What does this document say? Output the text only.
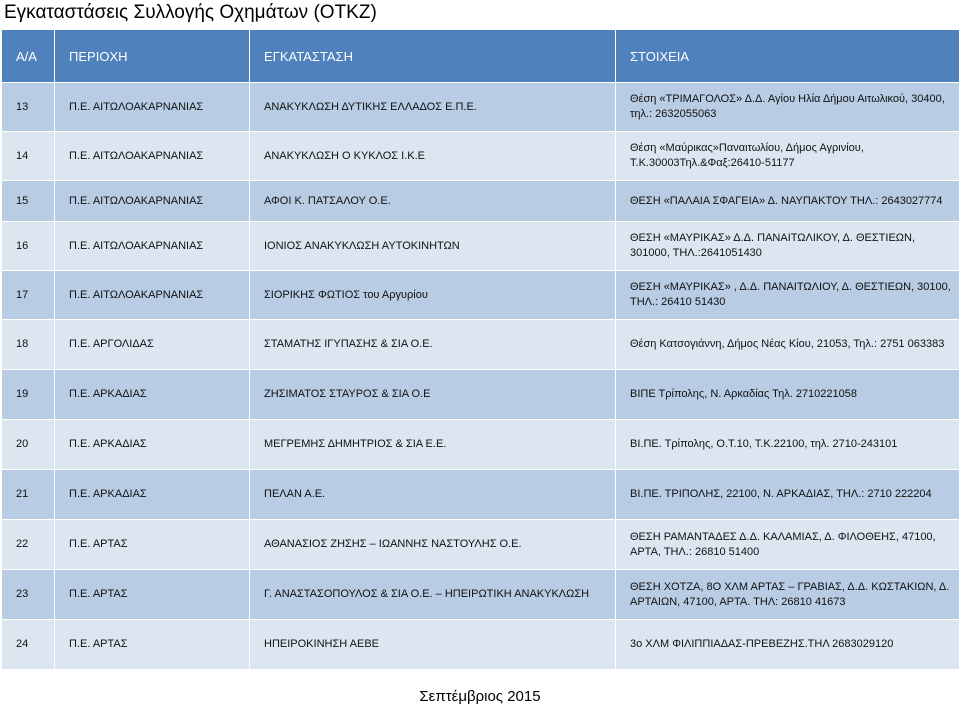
Εγκαταστάσεις Συλλογής Οχημάτων (ΟΤΚΖ)
Α/Α	ΠΕΡΙΟΧΗ	ΕΓΚΑΤΑΣΤΑΣΗ	ΣΤΟΙΧΕΙΑ
13	Π.Ε. ΑΙΤΩΛΟΑΚΑΡΝΑΝΙΑΣ	ΑΝΑΚΥΚΛΩΣΗ ΔΥΤΙΚΗΣ ΕΛΛΑΔΟΣ Ε.Π.Ε.	Θέση «ΤΡΙΜΑΓΟΛΟΣ» Δ.Δ. Αγίου Ηλία Δήμου Αιτωλικού, 30400, τηλ.: 2632055063
14	Π.Ε. ΑΙΤΩΛΟΑΚΑΡΝΑΝΙΑΣ	ΑΝΑΚΥΚΛΩΣΗ Ο ΚΥΚΛΟΣ Ι.Κ.Ε	Θέση «Μαύρικας»Παναιτωλίου, Δήμος Αγρινίου, Τ.Κ.30003Τηλ.&Φαξ:26410-51177
15	Π.Ε. ΑΙΤΩΛΟΑΚΑΡΝΑΝΙΑΣ	ΑΦΟΙ Κ. ΠΑΤΣΑΛΟΥ Ο.Ε.	ΘΕΣΗ «ΠΑΛΑΙΑ ΣΦΑΓΕΙΑ» Δ. ΝΑΥΠΑΚΤΟΥ ΤΗΛ.: 2643027774
16	Π.Ε. ΑΙΤΩΛΟΑΚΑΡΝΑΝΙΑΣ	ΙΟΝΙΟΣ ΑΝΑΚΥΚΛΩΣΗ ΑΥΤΟΚΙΝΗΤΩΝ	ΘΕΣΗ «ΜΑΥΡΙΚΑΣ» Δ.Δ. ΠΑΝΑΙΤΩΛΙΚΟΥ, Δ. ΘΕΣΤΙΕΩΝ, 301000, ΤΗΛ.:2641051430
17	Π.Ε. ΑΙΤΩΛΟΑΚΑΡΝΑΝΙΑΣ	ΣΙΟΡΙΚΗΣ ΦΩΤΙΟΣ του Αργυρίου	ΘΕΣΗ «ΜΑΥΡΙΚΑΣ» , Δ.Δ. ΠΑΝΑΙΤΩΛΙΟΥ, Δ. ΘΕΣΤΙΕΩΝ, 30100, ΤΗΛ.: 26410 51430
18	Π.Ε. ΑΡΓΟΛΙΔΑΣ	ΣΤΑΜΑΤΗΣ ΙΓΥΠΑΣΗΣ & ΣΙΑ Ο.Ε.	Θέση Κατσογιάννη, Δήμος Νέας Κίου, 21053, Τηλ.: 2751 063383
19	Π.Ε. ΑΡΚΑΔΙΑΣ	ΖΗΣΙΜΑΤΟΣ ΣΤΑΥΡΟΣ & ΣΙΑ Ο.Ε	ΒΙΠΕ Τρίπολης, Ν. Αρκαδίας Τηλ. 2710221058
20	Π.Ε. ΑΡΚΑΔΙΑΣ	ΜΕΓΡΕΜΗΣ ΔΗΜΗΤΡΙΟΣ & ΣΙΑ Ε.Ε.	ΒΙ.ΠΕ. Τρίπολης, Ο.Τ.10, Τ.Κ.22100, τηλ. 2710-243101
21	Π.Ε. ΑΡΚΑΔΙΑΣ	ΠΕΛΑΝ Α.Ε.	ΒΙ.ΠΕ. ΤΡΙΠΟΛΗΣ, 22100, Ν. ΑΡΚΑΔΙΑΣ, ΤΗΛ.: 2710 222204
22	Π.Ε. ΑΡΤΑΣ	ΑΘΑΝΑΣΙΟΣ ΖΗΣΗΣ – ΙΩΑΝΝΗΣ ΝΑΣΤΟΥΛΗΣ Ο.Ε.	ΘΕΣΗ ΡΑΜΑΝΤΑΔΕΣ Δ.Δ. ΚΑΛΑΜΙΑΣ, Δ. ΦΙΛΟΘΕΗΣ, 47100, ΑΡΤΑ, ΤΗΛ.: 26810 51400
23	Π.Ε. ΑΡΤΑΣ	Γ. ΑΝΑΣΤΑΣΟΠΟΥΛΟΣ & ΣΙΑ Ο.Ε. – ΗΠΕΙΡΩΤΙΚΗ ΑΝΑΚΥΚΛΩΣΗ	ΘΕΣΗ ΧΟΤΖΑ, 8Ο ΧΛΜ ΑΡΤΑΣ – ΓΡΑΒΙΑΣ, Δ.Δ. ΚΩΣΤΑΚΙΩΝ, Δ. ΑΡΤΑΙΩΝ, 47100, ΑΡΤΑ. ΤΗΛ: 26810 41673
24	Π.Ε. ΑΡΤΑΣ	ΗΠΕΙΡΟΚΙΝΗΣΗ ΑΕΒΕ	3ο ΧΛΜ ΦΙΛΙΠΠΙΑΔΑΣ-ΠΡΕΒΕΖΗΣ.ΤΗΛ 2683029120
Σεπτέμβριος 2015
